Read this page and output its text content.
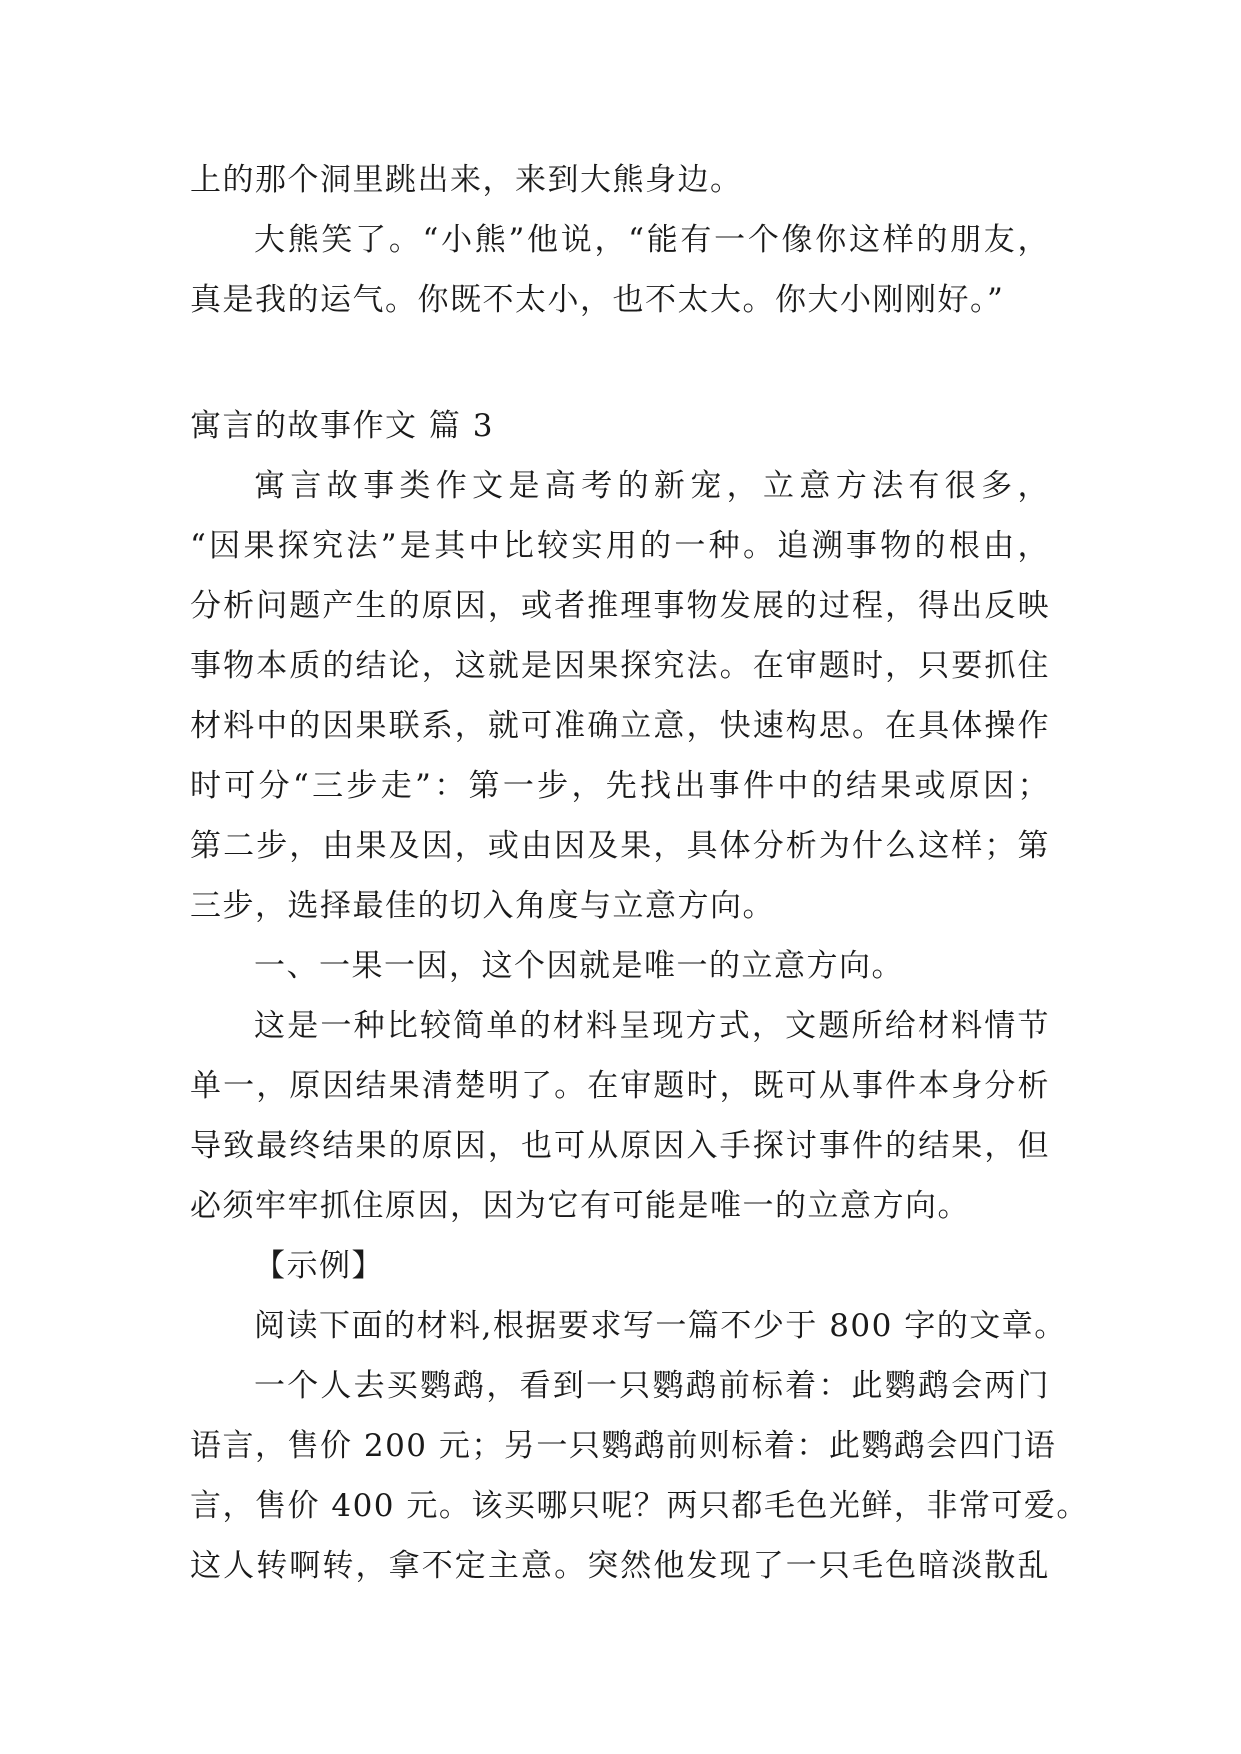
上的那个洞里跳出来，来到大熊身边。

大熊笑了。“小熊”他说，“能有一个像你这样的朋友，

真是我的运气。你既不太小，也不太大。你大小刚刚好。”

寓言的故事作文 篇 3

寓言故事类作文是高考的新宠，立意方法有很多，

“因果探究法”是其中比较实用的一种。追溯事物的根由，

分析问题产生的原因，或者推理事物发展的过程，得出反映

事物本质的结论，这就是因果探究法。在审题时，只要抓住

材料中的因果联系，就可准确立意，快速构思。在具体操作

时可分“三步走”：第一步，先找出事件中的结果或原因；

第二步，由果及因，或由因及果，具体分析为什么这样；第

三步，选择最佳的切入角度与立意方向。

一、一果一因，这个因就是唯一的立意方向。

这是一种比较简单的材料呈现方式，文题所给材料情节

单一，原因结果清楚明了。在审题时，既可从事件本身分析

导致最终结果的原因，也可从原因入手探讨事件的结果，但

必须牢牢抓住原因，因为它有可能是唯一的立意方向。

【示例】

阅读下面的材料,根据要求写一篇不少于 800 字的文章。

一个人去买鹦鹉，看到一只鹦鹉前标着：此鹦鹉会两门

语言，售价 200 元；另一只鹦鹉前则标着：此鹦鹉会四门语

言，售价 400 元。该买哪只呢？两只都毛色光鲜，非常可爱。

这人转啊转，拿不定主意。突然他发现了一只毛色暗淡散乱
